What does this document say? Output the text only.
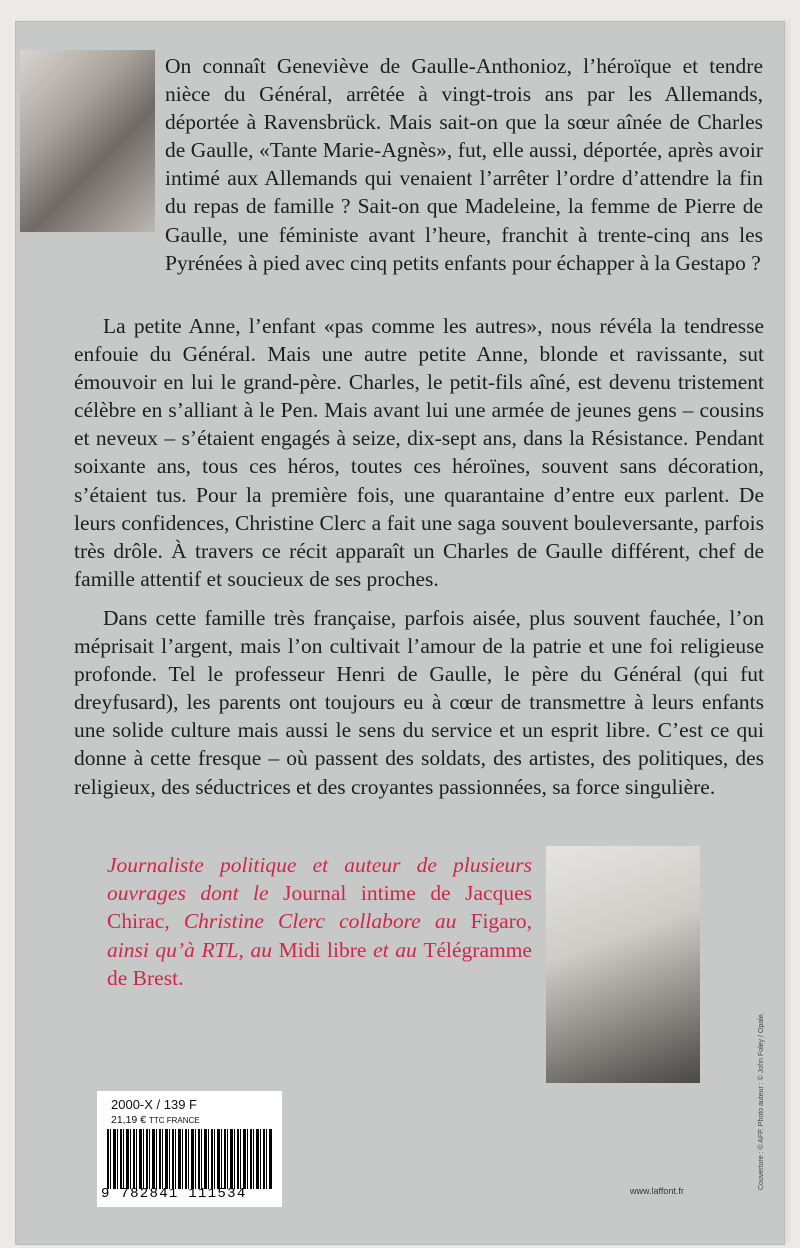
On connaît Geneviève de Gaulle-Anthonioz, l’héroïque et tendre nièce du Général, arrêtée à vingt-trois ans par les Allemands, déportée à Ravensbrück. Mais sait-on que la sœur aînée de Charles de Gaulle, «Tante Marie-Agnès», fut, elle aussi, déportée, après avoir intimé aux Allemands qui venaient l’arrêter l’ordre d’attendre la fin du repas de famille ? Sait-on que Madeleine, la femme de Pierre de Gaulle, une féministe avant l’heure, franchit à trente-cinq ans les Pyrénées à pied avec cinq petits enfants pour échapper à la Gestapo ?

La petite Anne, l’enfant «pas comme les autres», nous révéla la tendresse enfouie du Général. Mais une autre petite Anne, blonde et ravissante, sut émouvoir en lui le grand-père. Charles, le petit-fils aîné, est devenu tristement célèbre en s’alliant à le Pen. Mais avant lui une armée de jeunes gens – cousins et neveux – s’étaient engagés à seize, dix-sept ans, dans la Résistance. Pendant soixante ans, tous ces héros, toutes ces héroïnes, souvent sans décoration, s’étaient tus. Pour la première fois, une quarantaine d’entre eux parlent. De leurs confidences, Christine Clerc a fait une saga souvent bouleversante, parfois très drôle. À travers ce récit apparaît un Charles de Gaulle différent, chef de famille attentif et soucieux de ses proches.

Dans cette famille très française, parfois aisée, plus souvent fauchée, l’on méprisait l’argent, mais l’on cultivait l’amour de la patrie et une foi religieuse profonde. Tel le professeur Henri de Gaulle, le père du Général (qui fut dreyfusard), les parents ont toujours eu à cœur de transmettre à leurs enfants une solide culture mais aussi le sens du service et un esprit libre. C’est ce qui donne à cette fresque – où passent des soldats, des artistes, des politiques, des religieux, des séductrices et des croyantes passionnées, sa force singulière.

Journaliste politique et auteur de plusieurs ouvrages dont le Journal intime de Jacques Chirac, Christine Clerc collabore au Figaro, ainsi qu’à RTL, au Midi libre et au Télégramme de Brest.

2000-X / 139 F

21,19 € TTC FRANCE

9 782841 111534	www.laffont.fr

Couverture : © AFP. Photo auteur : © John Foley / Opale.
